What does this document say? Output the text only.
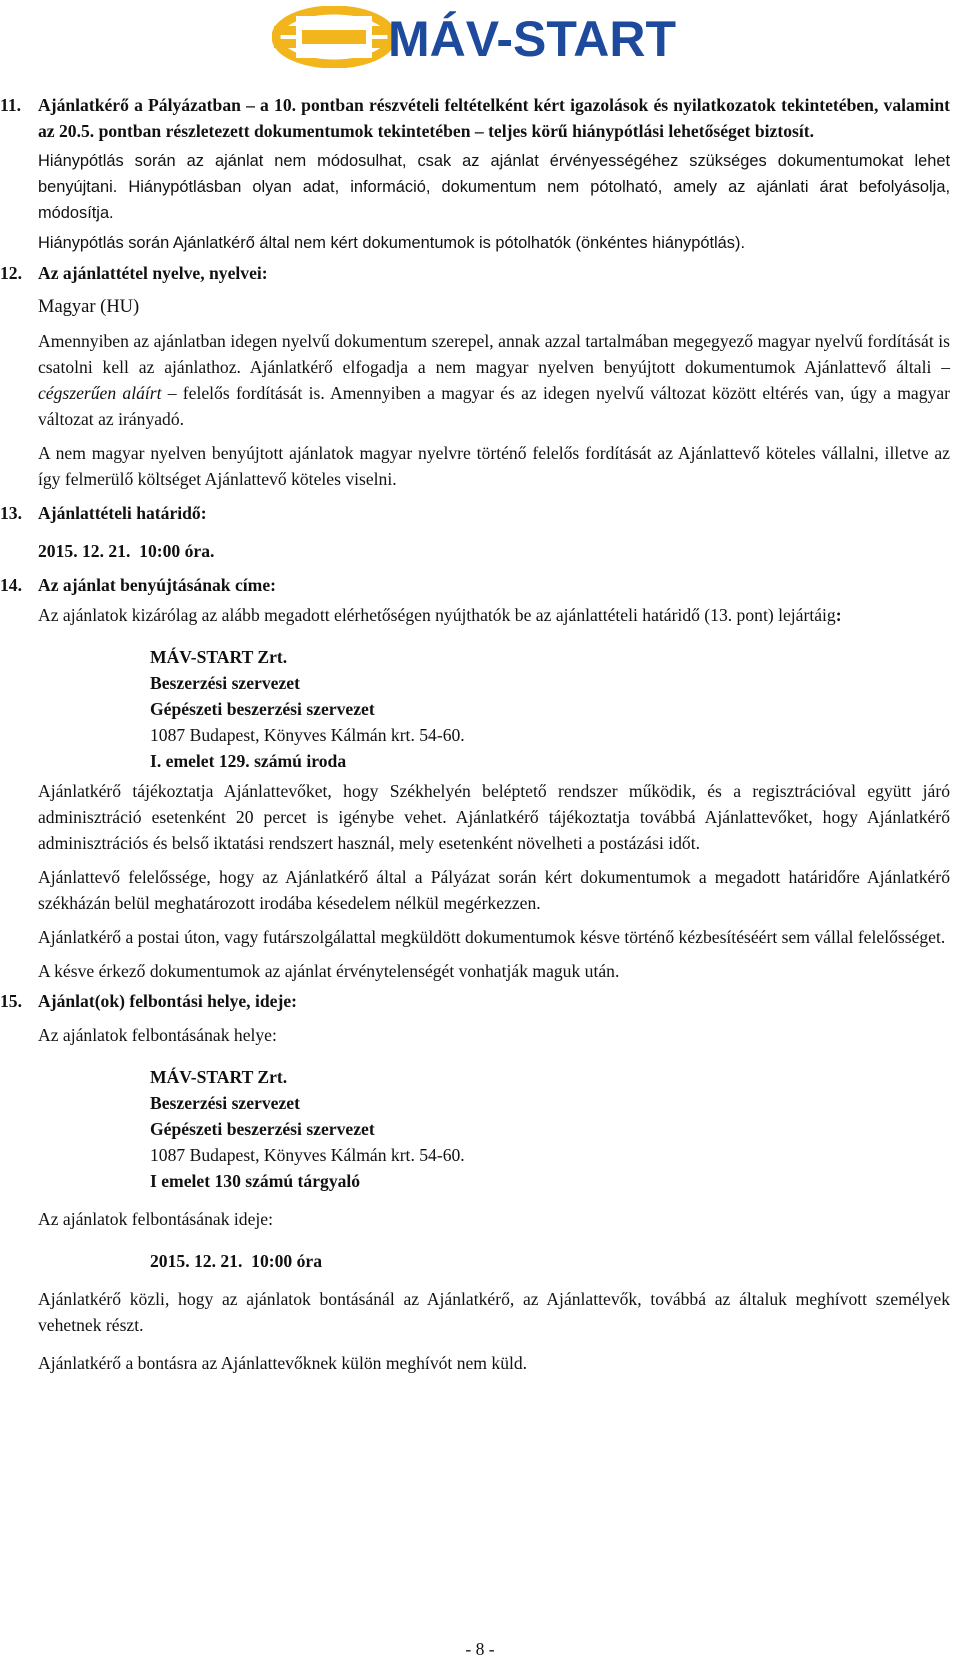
MÁV-START
11. Ajánlatkérő a Pályázatban – a 10. pontban részvételi feltételként kért igazolások és nyilatkozatok tekintetében, valamint az 20.5. pontban részletezett dokumentumok tekintetében – teljes körű hiánypótlási lehetőséget biztosít.

Hiánypótlás során az ajánlat nem módosulhat, csak az ajánlat érvényességéhez szükséges dokumentumokat lehet benyújtani. Hiánypótlásban olyan adat, információ, dokumentum nem pótolható, amely az ajánlati árat befolyásolja, módosítja.

Hiánypótlás során Ajánlatkérő által nem kért dokumentumok is pótolhatók (önkéntes hiánypótlás).

12. Az ajánlattétel nyelve, nyelvei:

Magyar (HU)

Amennyiben az ajánlatban idegen nyelvű dokumentum szerepel, annak azzal tartalmában megegyező magyar nyelvű fordítását is csatolni kell az ajánlathoz. Ajánlatkérő elfogadja a nem magyar nyelven benyújtott dokumentumok Ajánlattevő általi – cégszerűen aláírt – felelős fordítását is. Amennyiben a magyar és az idegen nyelvű változat között eltérés van, úgy a magyar változat az irányadó.

A nem magyar nyelven benyújtott ajánlatok magyar nyelvre történő felelős fordítását az Ajánlattevő köteles vállalni, illetve az így felmerülő költséget Ajánlattevő köteles viselni.

13. Ajánlattételi határidő:

2015. 12. 21.  10:00 óra.

14. Az ajánlat benyújtásának címe:

Az ajánlatok kizárólag az alább megadott elérhetőségen nyújthatók be az ajánlattételi határidő (13. pont) lejártáig:

MÁV-START Zrt.
Beszerzési szervezet
Gépészeti beszerzési szervezet
1087 Budapest, Könyves Kálmán krt. 54-60.
I. emelet 129. számú iroda

Ajánlatkérő tájékoztatja Ajánlattevőket, hogy Székhelyén beléptető rendszer működik, és a regisztrációval együtt járó adminisztráció esetenként 20 percet is igénybe vehet. Ajánlatkérő tájékoztatja továbbá Ajánlattevőket, hogy Ajánlatkérő adminisztrációs és belső iktatási rendszert használ, mely esetenként növelheti a postázási időt.

Ajánlattevő felelőssége, hogy az Ajánlatkérő által a Pályázat során kért dokumentumok a megadott határidőre Ajánlatkérő székházán belül meghatározott irodába késedelem nélkül megérkezzen.

Ajánlatkérő a postai úton, vagy futárszolgálattal megküldött dokumentumok késve történő kézbesítéséért sem vállal felelősséget.

A késve érkező dokumentumok az ajánlat érvénytelenségét vonhatják maguk után.

15. Ajánlat(ok) felbontási helye, ideje:

Az ajánlatok felbontásának helye:

MÁV-START Zrt.
Beszerzési szervezet
Gépészeti beszerzési szervezet
1087 Budapest, Könyves Kálmán krt. 54-60.
I emelet 130 számú tárgyaló

Az ajánlatok felbontásának ideje:

2015. 12. 21.  10:00 óra

Ajánlatkérő közli, hogy az ajánlatok bontásánál az Ajánlatkérő, az Ajánlattevők, továbbá az általuk meghívott személyek vehetnek részt.

Ajánlatkérő a bontásra az Ajánlattevőknek külön meghívót nem küld.

- 8 -
